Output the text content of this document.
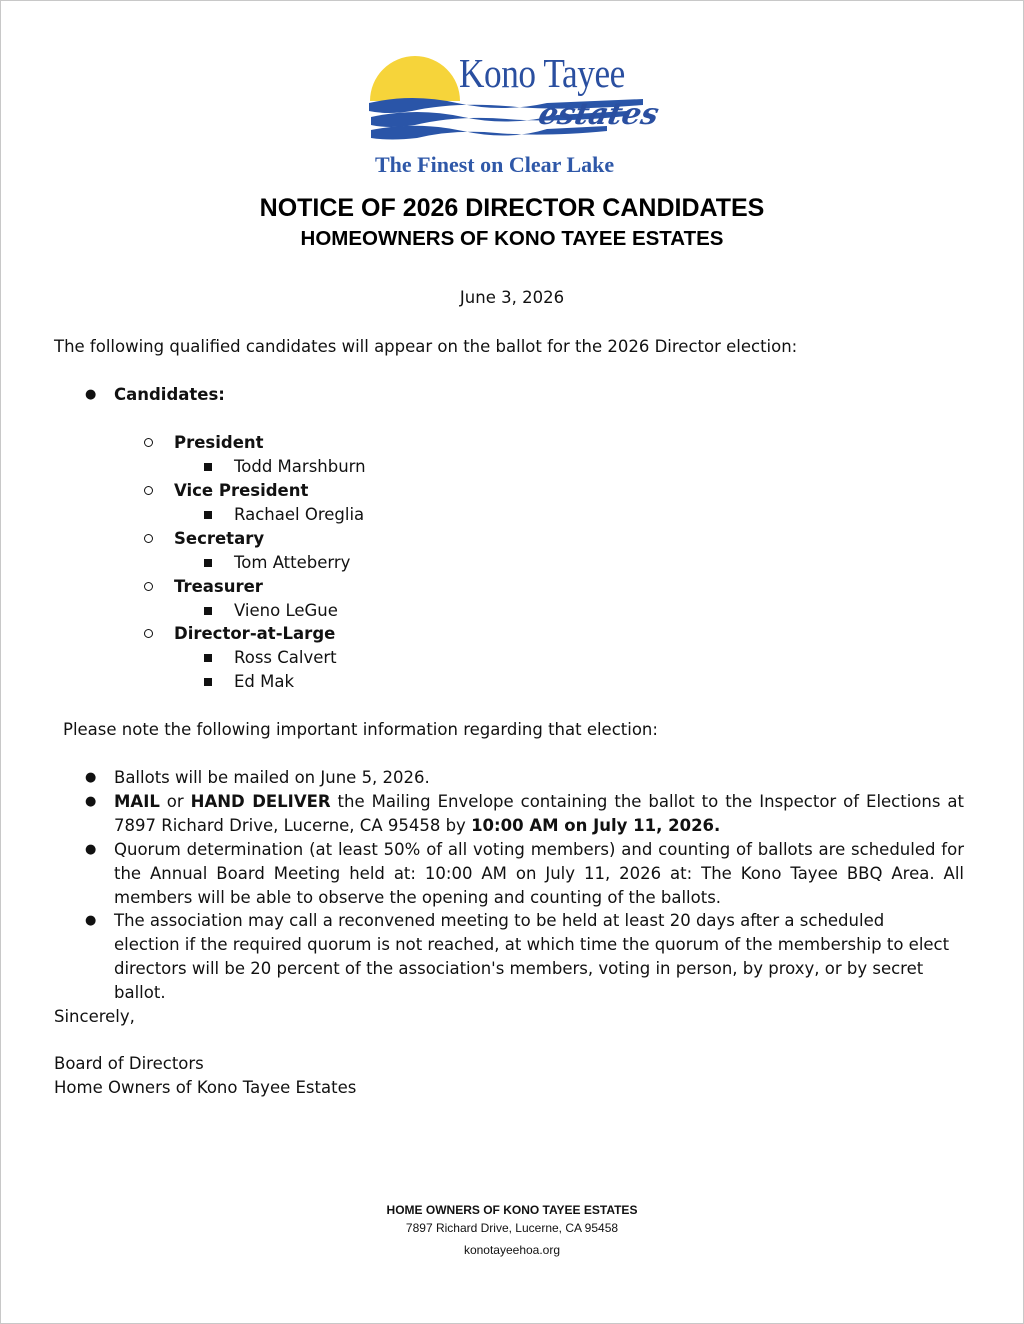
Kono Tayee
estates
The Finest on Clear Lake
NOTICE OF 2026 DIRECTOR CANDIDATES
HOMEOWNERS OF KONO TAYEE ESTATES
June 3, 2026
The following qualified candidates will appear on the ballot for the 2026 Director election:
● Candidates:
President
Todd Marshburn
Vice President
Rachael Oreglia
Secretary
Tom Atteberry
Treasurer
Vieno LeGue
Director-at-Large
Ross Calvert
Ed Mak
Please note the following important information regarding that election:
● Ballots will be mailed on June 5, 2026.
● MAIL or HAND DELIVER the Mailing Envelope containing the ballot to the Inspector of Elections at 7897 Richard Drive, Lucerne, CA 95458 by 10:00 AM on July 11, 2026.
● Quorum determination (at least 50% of all voting members) and counting of ballots are scheduled for the Annual Board Meeting held at: 10:00 AM on July 11, 2026 at: The Kono Tayee BBQ Area. All members will be able to observe the opening and counting of the ballots.
● The association may call a reconvened meeting to be held at least 20 days after a scheduled election if the required quorum is not reached, at which time the quorum of the membership to elect directors will be 20 percent of the association's members, voting in person, by proxy, or by secret ballot.
Sincerely,
Board of Directors
Home Owners of Kono Tayee Estates
HOME OWNERS OF KONO TAYEE ESTATES
7897 Richard Drive, Lucerne, CA 95458
konotayeehoa.org
